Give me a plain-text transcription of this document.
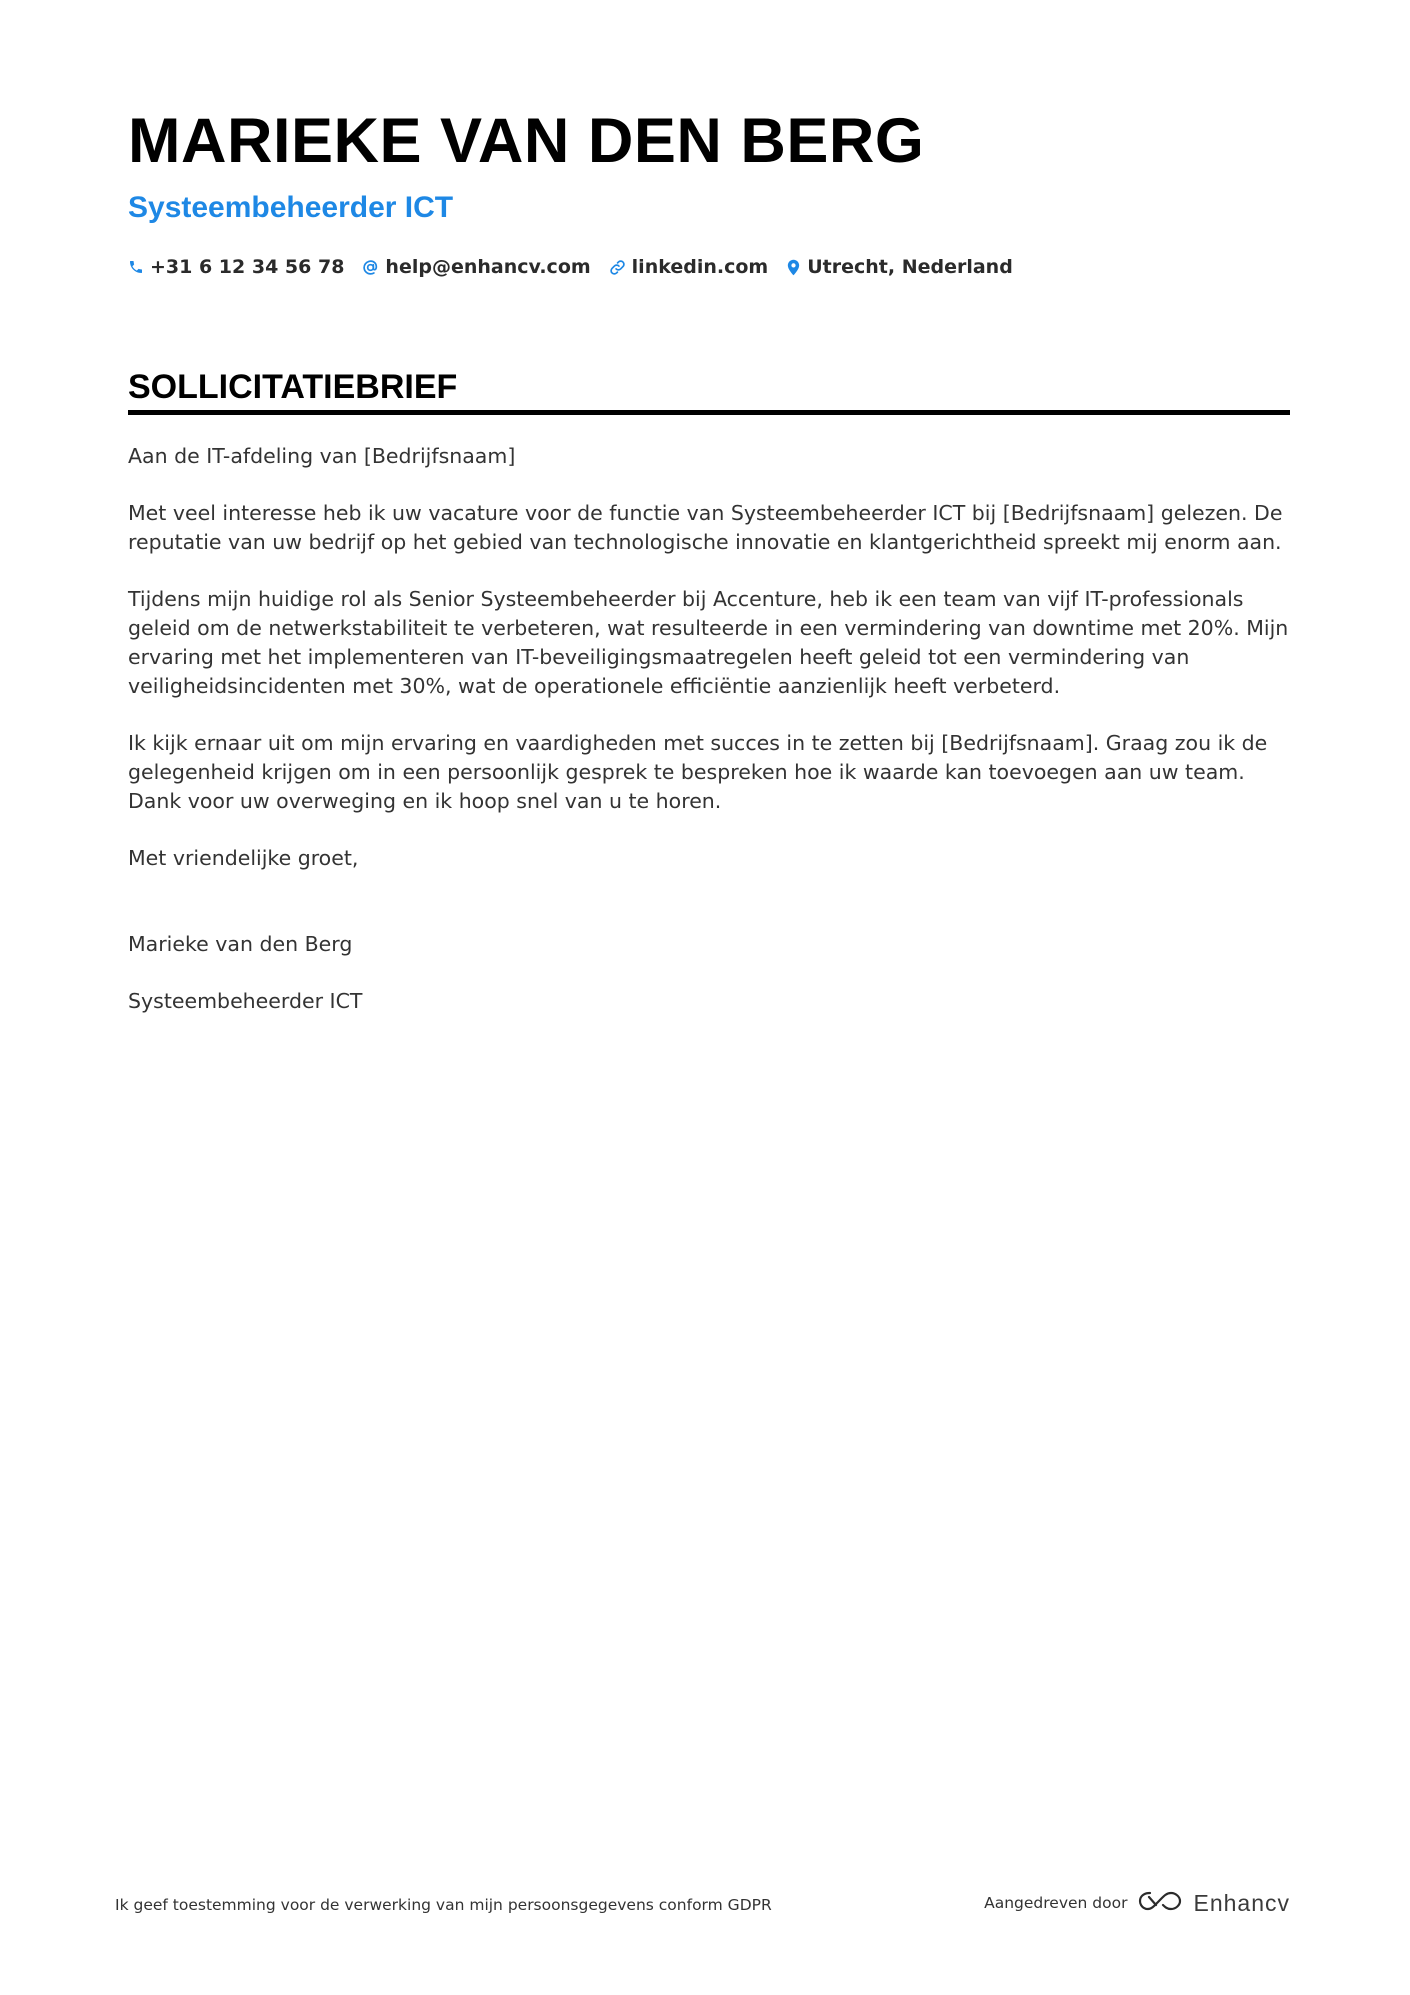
MARIEKE VAN DEN BERG
Systeembeheerder ICT
+31 6 12 34 56 78 help@enhancv.com linkedin.com Utrecht, Nederland
SOLLICITATIEBRIEF

Aan de IT-afdeling van [Bedrijfsnaam]

Met veel interesse heb ik uw vacature voor de functie van Systeembeheerder ICT bij [Bedrijfsnaam] gelezen. De reputatie van uw bedrijf op het gebied van technologische innovatie en klantgerichtheid spreekt mij enorm aan.

Tijdens mijn huidige rol als Senior Systeembeheerder bij Accenture, heb ik een team van vijf IT-professionals geleid om de netwerkstabiliteit te verbeteren, wat resulteerde in een vermindering van downtime met 20%. Mijn ervaring met het implementeren van IT-beveiligingsmaatregelen heeft geleid tot een vermindering van veiligheidsincidenten met 30%, wat de operationele efficiëntie aanzienlijk heeft verbeterd.

Ik kijk ernaar uit om mijn ervaring en vaardigheden met succes in te zetten bij [Bedrijfsnaam]. Graag zou ik de gelegenheid krijgen om in een persoonlijk gesprek te bespreken hoe ik waarde kan toevoegen aan uw team. Dank voor uw overweging en ik hoop snel van u te horen.

Met vriendelijke groet,

Marieke van den Berg

Systeembeheerder ICT

Ik geef toestemming voor de verwerking van mijn persoonsgegevens conform GDPR	Aangedreven door	Enhancv
